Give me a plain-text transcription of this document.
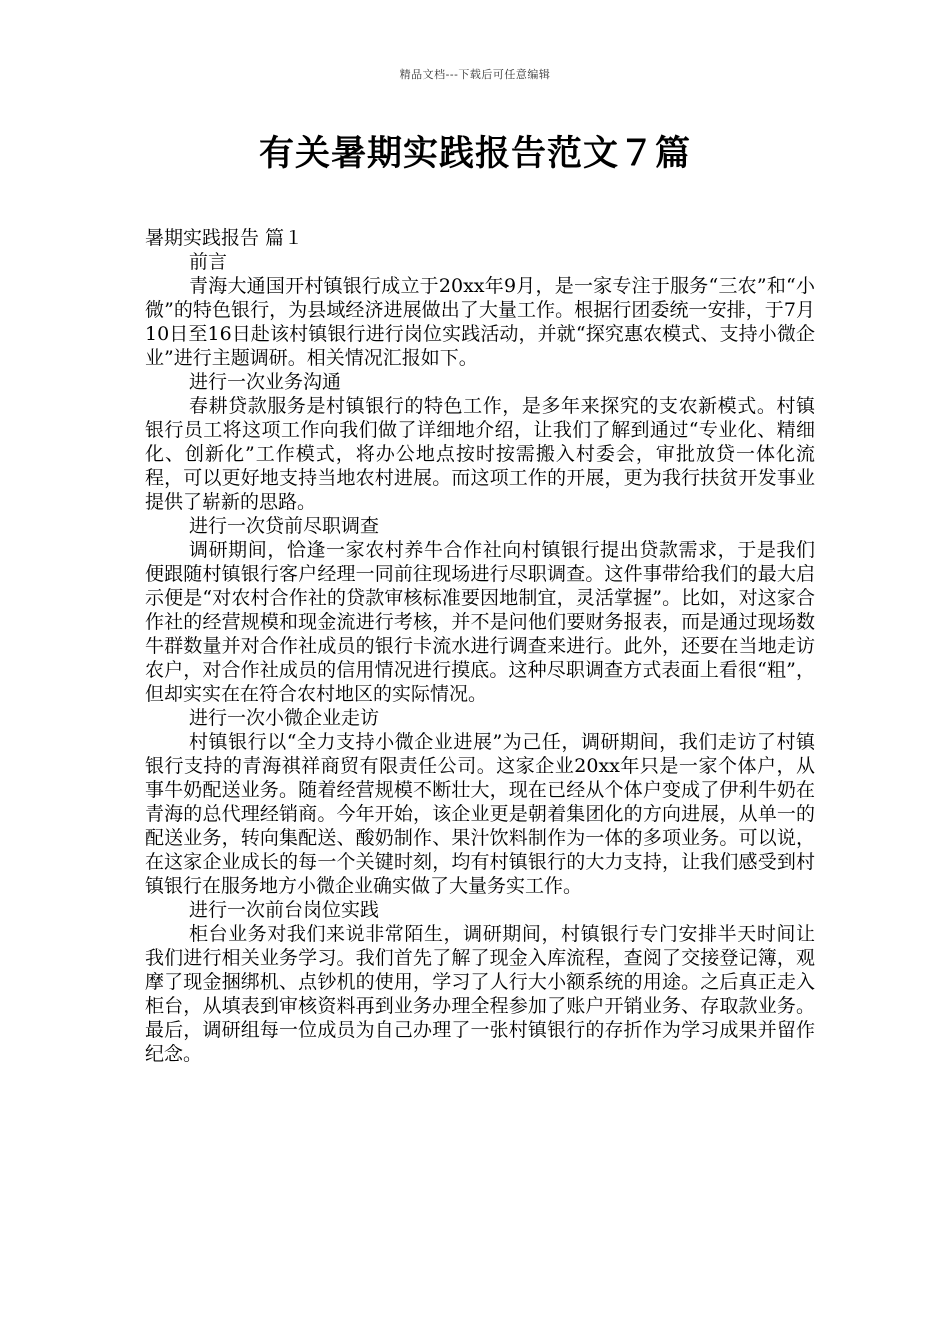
精品文档---下载后可任意编辑
有关暑期实践报告范文７篇

暑期实践报告 篇１

前言

青海大通国开村镇银行成立于20xx年9月，是一家专注于服务“三农”和“小微”的特色银行，为县域经济进展做出了大量工作。根据行团委统一安排，于7月10日至16日赴该村镇银行进行岗位实践活动，并就“探究惠农模式、支持小微企业”进行主题调研。相关情况汇报如下。

进行一次业务沟通

春耕贷款服务是村镇银行的特色工作，是多年来探究的支农新模式。村镇银行员工将这项工作向我们做了详细地介绍，让我们了解到通过“专业化、精细化、创新化”工作模式，将办公地点按时按需搬入村委会，审批放贷一体化流程，可以更好地支持当地农村进展。而这项工作的开展，更为我行扶贫开发事业提供了崭新的思路。

进行一次贷前尽职调查

调研期间，恰逢一家农村养牛合作社向村镇银行提出贷款需求，于是我们便跟随村镇银行客户经理一同前往现场进行尽职调查。这件事带给我们的最大启示便是“对农村合作社的贷款审核标准要因地制宜，灵活掌握”。比如，对这家合作社的经营规模和现金流进行考核，并不是问他们要财务报表，而是通过现场数牛群数量并对合作社成员的银行卡流水进行调查来进行。此外，还要在当地走访农户，对合作社成员的信用情况进行摸底。这种尽职调查方式表面上看很“粗”，但却实实在在符合农村地区的实际情况。

进行一次小微企业走访

村镇银行以“全力支持小微企业进展”为己任，调研期间，我们走访了村镇银行支持的青海祺祥商贸有限责任公司。这家企业20xx年只是一家个体户，从事牛奶配送业务。随着经营规模不断壮大，现在已经从个体户变成了伊利牛奶在青海的总代理经销商。今年开始，该企业更是朝着集团化的方向进展，从单一的配送业务，转向集配送、酸奶制作、果汁饮料制作为一体的多项业务。可以说，在这家企业成长的每一个关键时刻，均有村镇银行的大力支持，让我们感受到村镇银行在服务地方小微企业确实做了大量务实工作。

进行一次前台岗位实践

柜台业务对我们来说非常陌生，调研期间，村镇银行专门安排半天时间让我们进行相关业务学习。我们首先了解了现金入库流程，查阅了交接登记簿，观摩了现金捆绑机、点钞机的使用，学习了人行大小额系统的用途。之后真正走入柜台，从填表到审核资料再到业务办理全程参加了账户开销业务、存取款业务。最后，调研组每一位成员为自己办理了一张村镇银行的存折作为学习成果并留作纪念。
